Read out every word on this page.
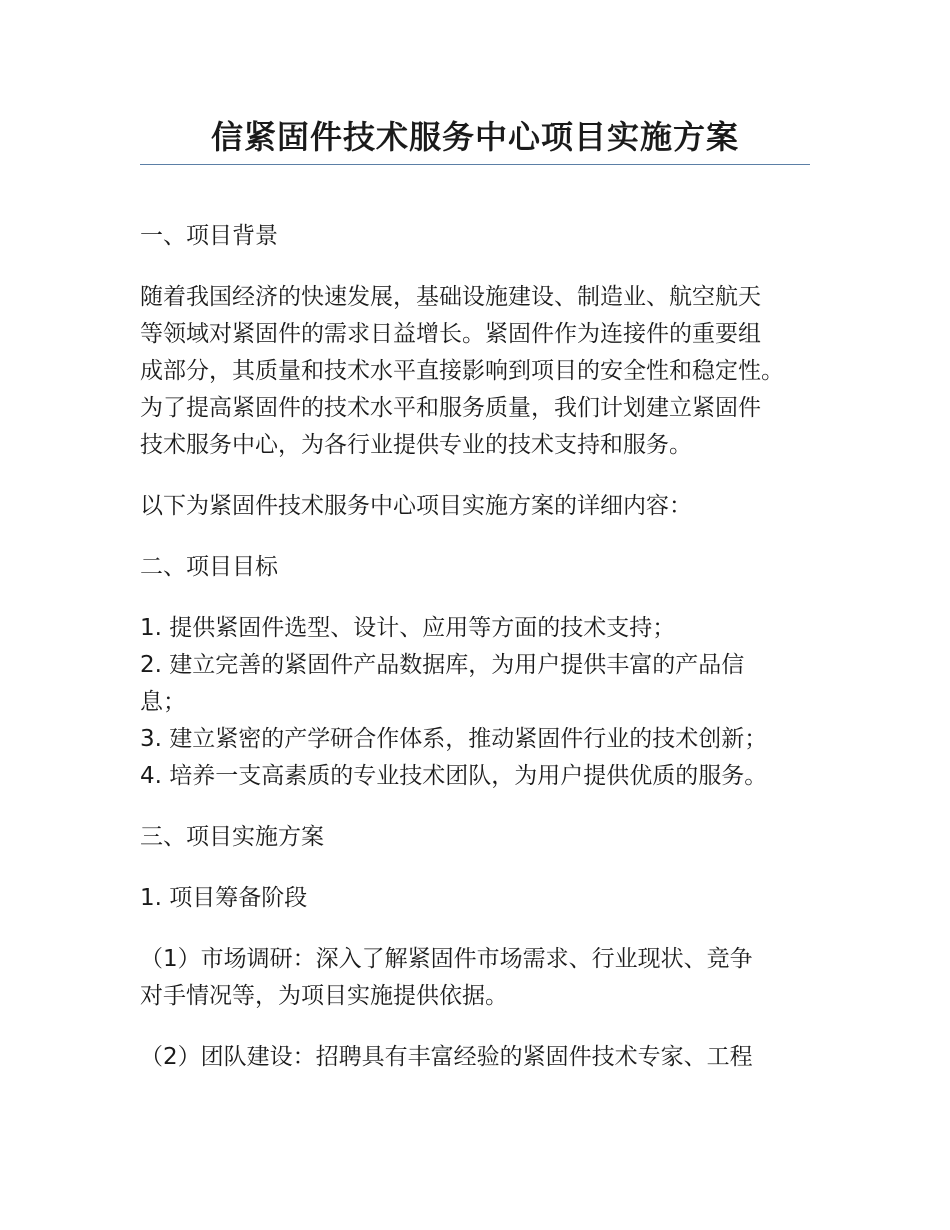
信紧固件技术服务中心项目实施方案

一、项目背景

随着我国经济的快速发展，基础设施建设、制造业、航空航天
等领域对紧固件的需求日益增长。紧固件作为连接件的重要组
成部分，其质量和技术水平直接影响到项目的安全性和稳定性。
为了提高紧固件的技术水平和服务质量，我们计划建立紧固件
技术服务中心，为各行业提供专业的技术支持和服务。

以下为紧固件技术服务中心项目实施方案的详细内容：

二、项目目标

1. 提供紧固件选型、设计、应用等方面的技术支持；
2. 建立完善的紧固件产品数据库，为用户提供丰富的产品信
息；
3. 建立紧密的产学研合作体系，推动紧固件行业的技术创新；
4. 培养一支高素质的专业技术团队，为用户提供优质的服务。

三、项目实施方案

1. 项目筹备阶段

（1）市场调研：深入了解紧固件市场需求、行业现状、竞争
对手情况等，为项目实施提供依据。

（2）团队建设：招聘具有丰富经验的紧固件技术专家、工程
